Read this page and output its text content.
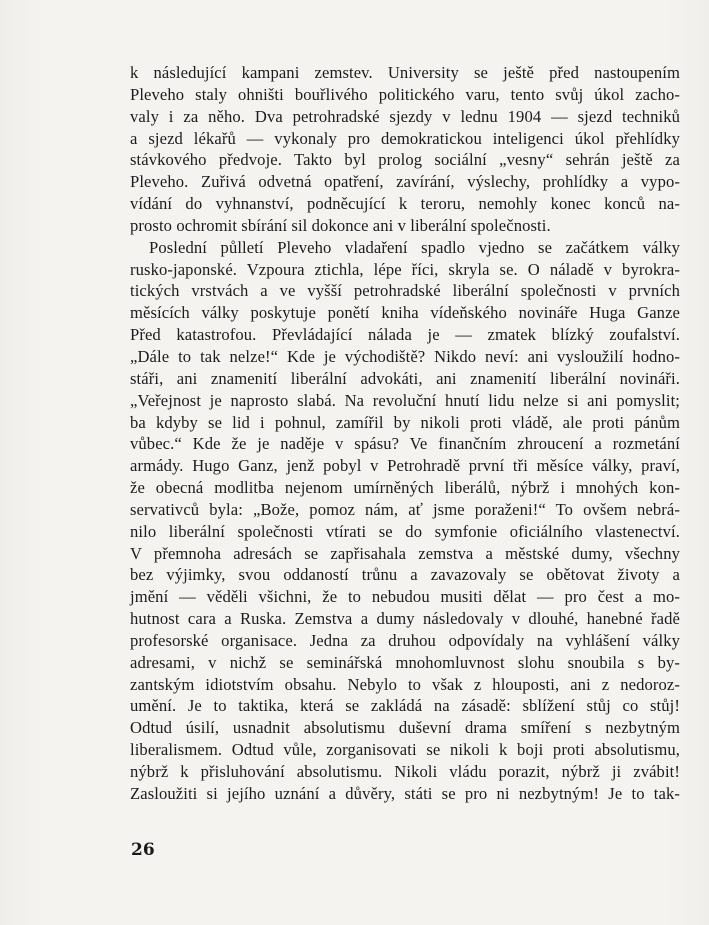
k následující kampani zemstev. University se ještě před nastoupením
Pleveho staly ohništi bouřlivého politického varu, tento svůj úkol zacho-
valy i za něho. Dva petrohradské sjezdy v lednu 1904 — sjezd techniků
a sjezd lékařů — vykonaly pro demokratickou inteligenci úkol přehlídky
stávkového předvoje. Takto byl prolog sociální „vesny“ sehrán ještě za
Pleveho. Zuřivá odvetná opatření, zavírání, výslechy, prohlídky a vypo-
vídání do vyhnanství, podněcující k teroru, nemohly konec konců na-
prosto ochromit sbírání sil dokonce ani v liberální společnosti.
Poslední půlletí Pleveho vladaření spadlo vjedno se začátkem války
rusko-japonské. Vzpoura ztichla, lépe říci, skryla se. O náladě v byrokra-
tických vrstvách a ve vyšší petrohradské liberální společnosti v prvních
měsících války poskytuje ponětí kniha vídeňského novináře Huga Ganze
Před katastrofou. Převládající nálada je — zmatek blízký zoufalství.
„Dále to tak nelze!“ Kde je východiště? Nikdo neví: ani vysloužilí hodno-
stáři, ani znamenití liberální advokáti, ani znamenití liberální novináři.
„Veřejnost je naprosto slabá. Na revoluční hnutí lidu nelze si ani pomyslit;
ba kdyby se lid i pohnul, zamířil by nikoli proti vládě, ale proti pánům
vůbec.“ Kde že je naděje v spásu? Ve finančním zhroucení a rozmetání
armády. Hugo Ganz, jenž pobyl v Petrohradě první tři měsíce války, praví,
že obecná modlitba nejenom umírněných liberálů, nýbrž i mnohých kon-
servativců byla: „Bože, pomoz nám, ať jsme poraženi!“ To ovšem nebrá-
nilo liberální společnosti vtírati se do symfonie oficiálního vlastenectví.
V přemnoha adresách se zapřisahala zemstva a městské dumy, všechny
bez výjimky, svou oddaností trůnu a zavazovaly se obětovat životy a
jmění — věděli všichni, že to nebudou musiti dělat — pro čest a mo-
hutnost cara a Ruska. Zemstva a dumy následovaly v dlouhé, hanebné řadě
profesorské organisace. Jedna za druhou odpovídaly na vyhlášení války
adresami, v nichž se seminářská mnohomluvnost slohu snoubila s by-
zantským idiotstvím obsahu. Nebylo to však z hlouposti, ani z nedoroz-
umění. Je to taktika, která se zakládá na zásadě: sblížení stůj co stůj!
Odtud úsilí, usnadnit absolutismu duševní drama smíření s nezbytným
liberalismem. Odtud vůle, zorganisovati se nikoli k boji proti absolutismu,
nýbrž k přisluhování absolutismu. Nikoli vládu porazit, nýbrž ji zvábit!
Zasloužiti si jejího uznání a důvěry, státi se pro ni nezbytným! Je to tak-
26
